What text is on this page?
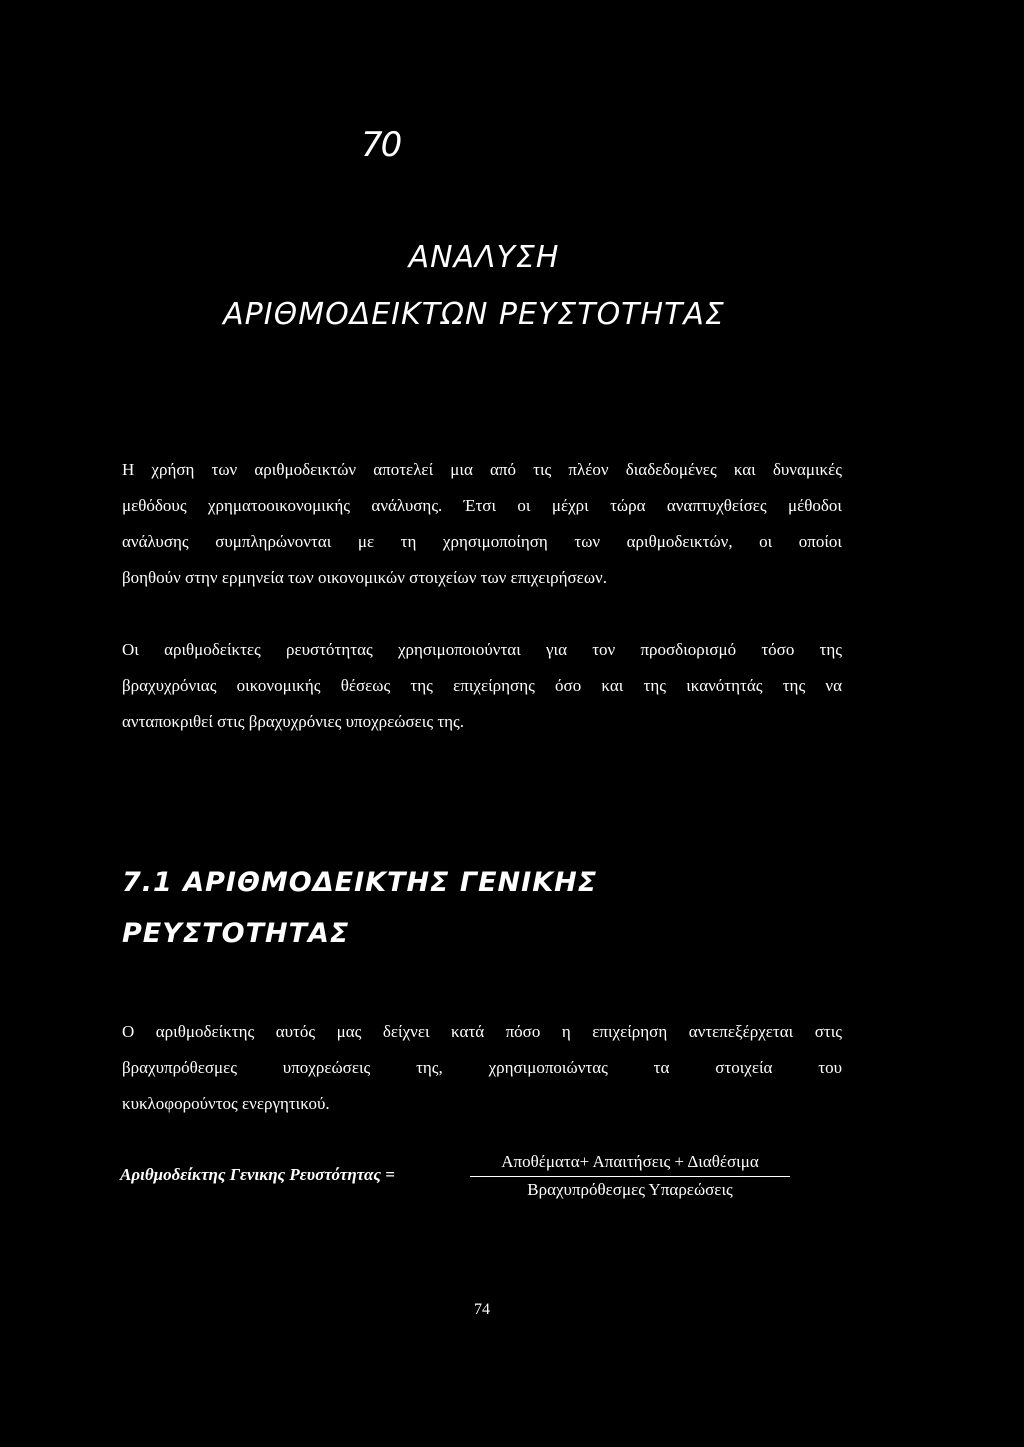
70
ΑΝΑΛΥΣΗ
ΑΡΙΘΜΟΔΕΙΚΤΩΝ ΡΕΥΣΤΟΤΗΤΑΣ
Η χρήση των αριθμοδεικτών αποτελεί μια από τις πλέον διαδεδομένες και δυναμικές
μεθόδους χρηματοοικονομικής ανάλυσης. Έτσι οι μέχρι τώρα αναπτυχθείσες μέθοδοι
ανάλυσης συμπληρώνονται με τη χρησιμοποίηση των αριθμοδεικτών, οι οποίοι
βοηθούν στην ερμηνεία των οικονομικών στοιχείων των επιχειρήσεων.
Οι αριθμοδείκτες ρευστότητας χρησιμοποιούνται για τον προσδιορισμό τόσο της
βραχυχρόνιας οικονομικής θέσεως της επιχείρησης όσο και της ικανότητάς της να
ανταποκριθεί στις βραχυχρόνιες υποχρεώσεις της.
7.1 ΑΡΙΘΜΟΔΕΙΚΤΗΣ ΓΕΝΙΚΗΣ
ΡΕΥΣΤΟΤΗΤΑΣ
Ο αριθμοδείκτης αυτός μας δείχνει κατά πόσο η επιχείρηση αντεπεξέρχεται στις
βραχυπρόθεσμες υποχρεώσεις της, χρησιμοποιώντας τα στοιχεία του
κυκλοφορούντος ενεργητικού.
Αριθμοδείκτης Γενικης Ρευστότητας =
Αποθέματα+ Απαιτήσεις + Διαθέσιμα
Βραχυπρόθεσμες Υπαρεώσεις
74
